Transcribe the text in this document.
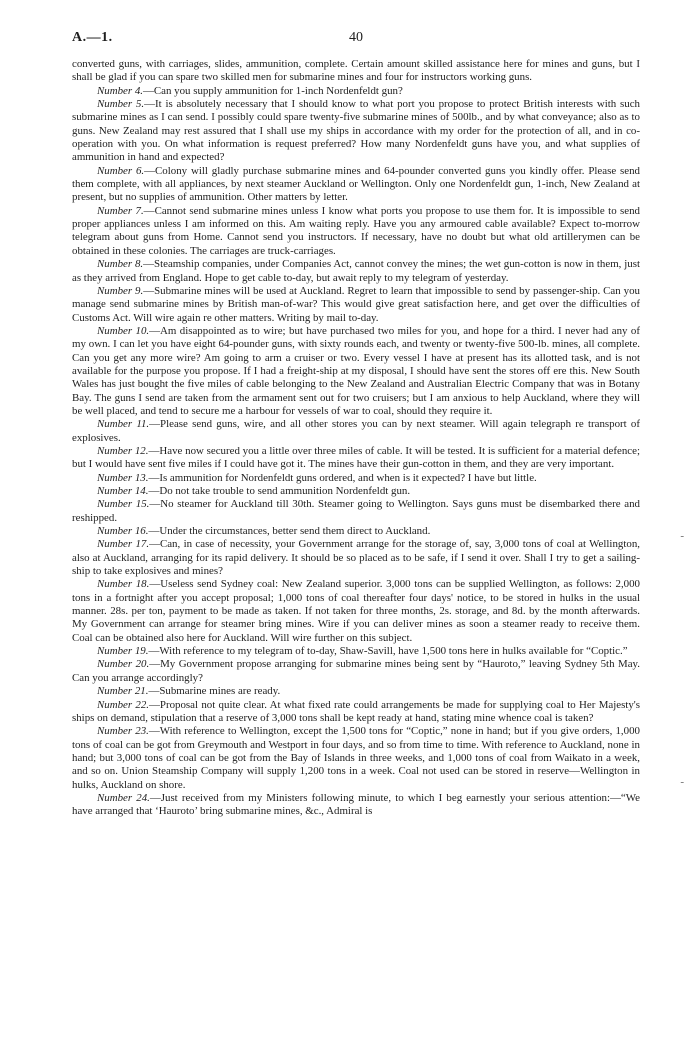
A.—1.	40

converted guns, with carriages, slides, ammunition, complete. Certain amount skilled assistance here for mines and guns, but I shall be glad if you can spare two skilled men for submarine mines and four for instructors working guns.

Number 4.—Can you supply ammunition for 1-inch Nordenfeldt gun?

Number 5.—It is absolutely necessary that I should know to what port you propose to protect British interests with such submarine mines as I can send. I possibly could spare twenty-five submarine mines of 500lb., and by what conveyance; also as to guns. New Zealand may rest assured that I shall use my ships in accordance with my order for the protection of all, and in co-operation with you. On what information is request preferred? How many Nordenfeldt guns have you, and what supplies of ammunition in hand and expected?

Number 6.—Colony will gladly purchase submarine mines and 64-pounder converted guns you kindly offer. Please send them complete, with all appliances, by next steamer Auckland or Wellington. Only one Nordenfeldt gun, 1-inch, New Zealand at present, but no supplies of ammunition. Other matters by letter.

Number 7.—Cannot send submarine mines unless I know what ports you propose to use them for. It is impossible to send proper appliances unless I am informed on this. Am waiting reply. Have you any armoured cable available? Expect to-morrow telegram about guns from Home. Cannot send you instructors. If necessary, have no doubt but what old artillerymen can be obtained in these colonies. The carriages are truck-carriages.

Number 8.—Steamship companies, under Companies Act, cannot convey the mines; the wet gun-cotton is now in them, just as they arrived from England. Hope to get cable to-day, but await reply to my telegram of yesterday.

Number 9.—Submarine mines will be used at Auckland. Regret to learn that impossible to send by passenger-ship. Can you manage send submarine mines by British man-of-war? This would give great satisfaction here, and get over the difficulties of Customs Act. Will wire again re other matters. Writing by mail to-day.

Number 10.—Am disappointed as to wire; but have purchased two miles for you, and hope for a third. I never had any of my own. I can let you have eight 64-pounder guns, with sixty rounds each, and twenty or twenty-five 500-lb. mines, all complete. Can you get any more wire? Am going to arm a cruiser or two. Every vessel I have at present has its allotted task, and is not available for the purpose you propose. If I had a freight-ship at my disposal, I should have sent the stores off ere this. New South Wales has just bought the five miles of cable belonging to the New Zealand and Australian Electric Company that was in Botany Bay. The guns I send are taken from the armament sent out for two cruisers; but I am anxious to help Auckland, where they will be well placed, and tend to secure me a harbour for vessels of war to coal, should they require it.

Number 11.—Please send guns, wire, and all other stores you can by next steamer. Will again telegraph re transport of explosives.

Number 12.—Have now secured you a little over three miles of cable. It will be tested. It is sufficient for a material defence; but I would have sent five miles if I could have got it. The mines have their gun-cotton in them, and they are very important.

Number 13.—Is ammunition for Nordenfeldt guns ordered, and when is it expected? I have but little.

Number 14.—Do not take trouble to send ammunition Nordenfeldt gun.

Number 15.—No steamer for Auckland till 30th. Steamer going to Wellington. Says guns must be disembarked there and reshipped.

Number 16.—Under the circumstances, better send them direct to Auckland.

Number 17.—Can, in case of necessity, your Government arrange for the storage of, say, 3,000 tons of coal at Wellington, also at Auckland, arranging for its rapid delivery. It should be so placed as to be safe, if I send it over. Shall I try to get a sailing-ship to take explosives and mines?

Number 18.—Useless send Sydney coal: New Zealand superior. 3,000 tons can be supplied Wellington, as follows: 2,000 tons in a fortnight after you accept proposal; 1,000 tons of coal thereafter four days' notice, to be stored in hulks in the usual manner. 28s. per ton, payment to be made as taken. If not taken for three months, 2s. storage, and 8d. by the month afterwards. My Government can arrange for steamer bring mines. Wire if you can deliver mines as soon a steamer ready to receive them. Coal can be obtained also here for Auckland. Will wire further on this subject.

Number 19.—With reference to my telegram of to-day, Shaw-Savill, have 1,500 tons here in hulks available for “Coptic.”

Number 20.—My Government propose arranging for submarine mines being sent by “Hauroto,” leaving Sydney 5th May. Can you arrange accordingly?

Number 21.—Submarine mines are ready.

Number 22.—Proposal not quite clear. At what fixed rate could arrangements be made for supplying coal to Her Majesty's ships on demand, stipulation that a reserve of 3,000 tons shall be kept ready at hand, stating mine whence coal is taken?

Number 23.—With reference to Wellington, except the 1,500 tons for “Coptic,” none in hand; but if you give orders, 1,000 tons of coal can be got from Greymouth and Westport in four days, and so from time to time. With reference to Auckland, none in hand; but 3,000 tons of coal can be got from the Bay of Islands in three weeks, and 1,000 tons of coal from Waikato in a week, and so on. Union Steamship Company will supply 1,200 tons in a week. Coal not used can be stored in reserve—Wellington in hulks, Auckland on shore.

Number 24.—Just received from my Ministers following minute, to which I beg earnestly your serious attention:—“We have arranged that ‘Hauroto’ bring submarine mines, &c., Admiral is

‑
‑
